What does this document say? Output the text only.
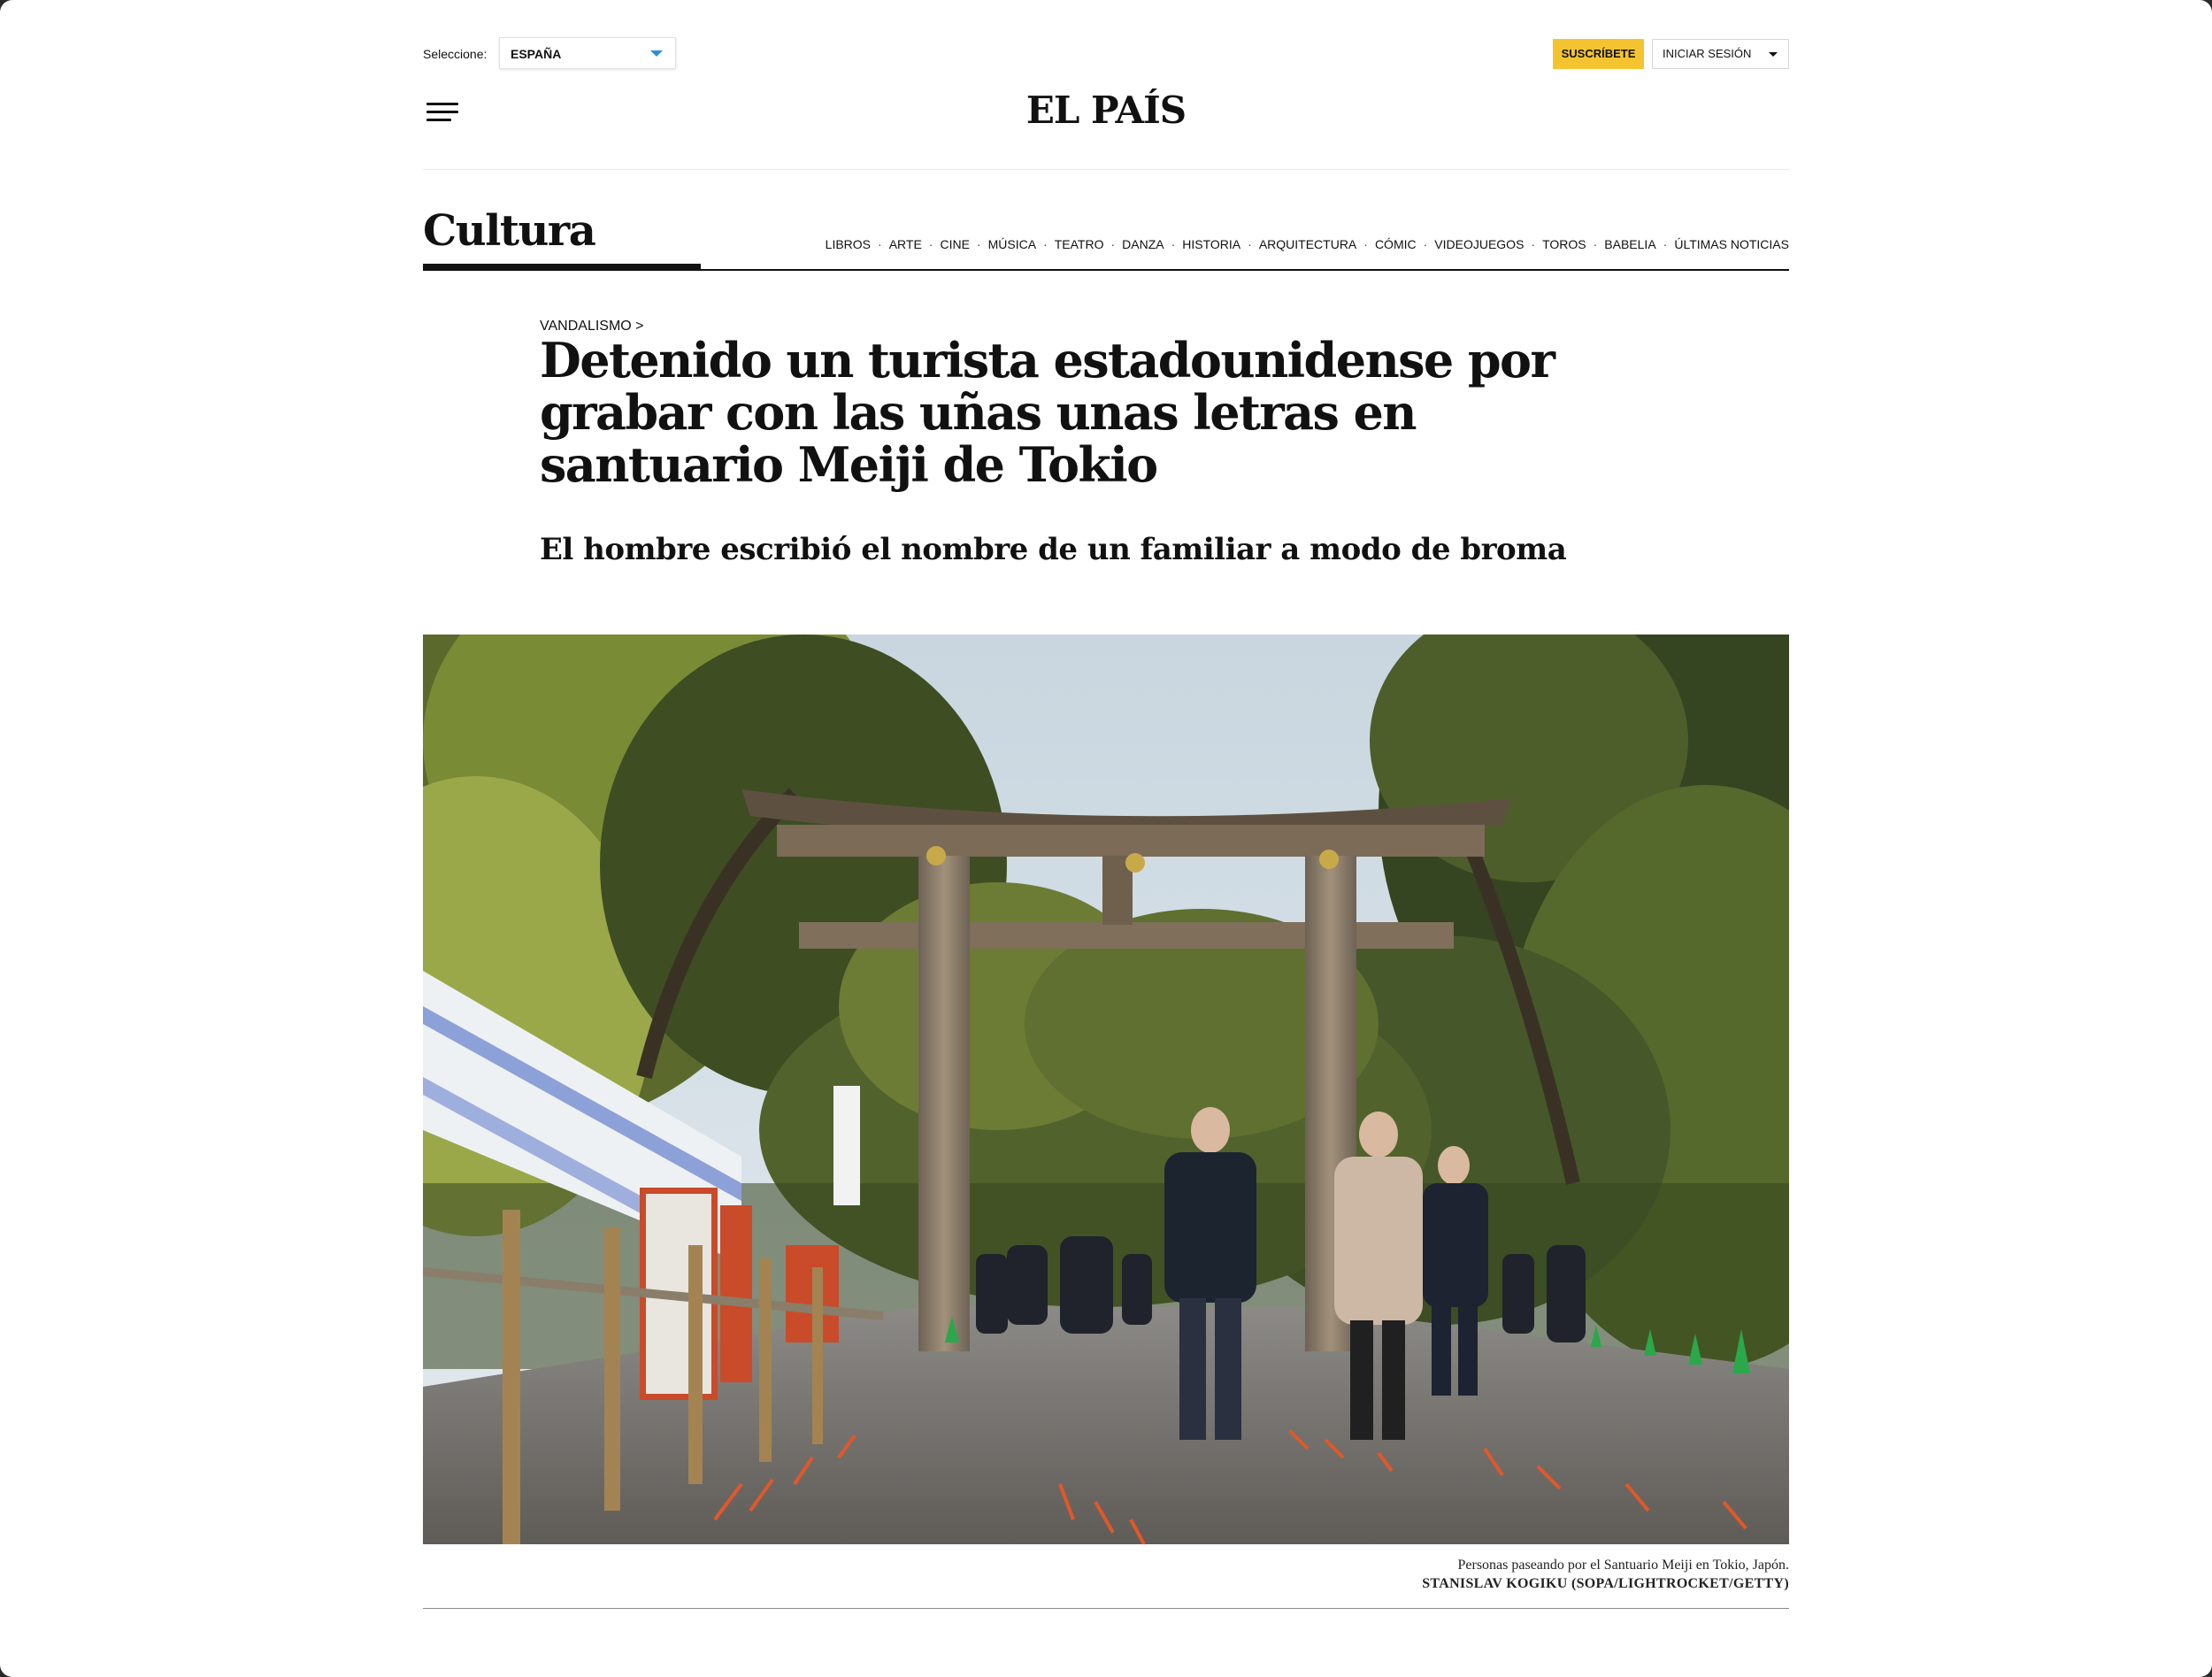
Seleccione:	ESPAÑA	SUSCRÍBETE	INICIAR SESIÓN
EL PAÍS
Cultura	LIBROS · ARTE · CINE · MÚSICA · TEATRO · DANZA · HISTORIA · ARQUITECTURA · CÓMIC · VIDEOJUEGOS · TOROS · BABELIA · ÚLTIMAS NOTICIAS
VANDALISMO >
Detenido un turista estadounidense por grabar con las uñas unas letras en santuario Meiji de Tokio
El hombre escribió el nombre de un familiar a modo de broma
Personas paseando por el Santuario Meiji en Tokio, Japón.
STANISLAV KOGIKU (SOPA/LIGHTROCKET/GETTY)
